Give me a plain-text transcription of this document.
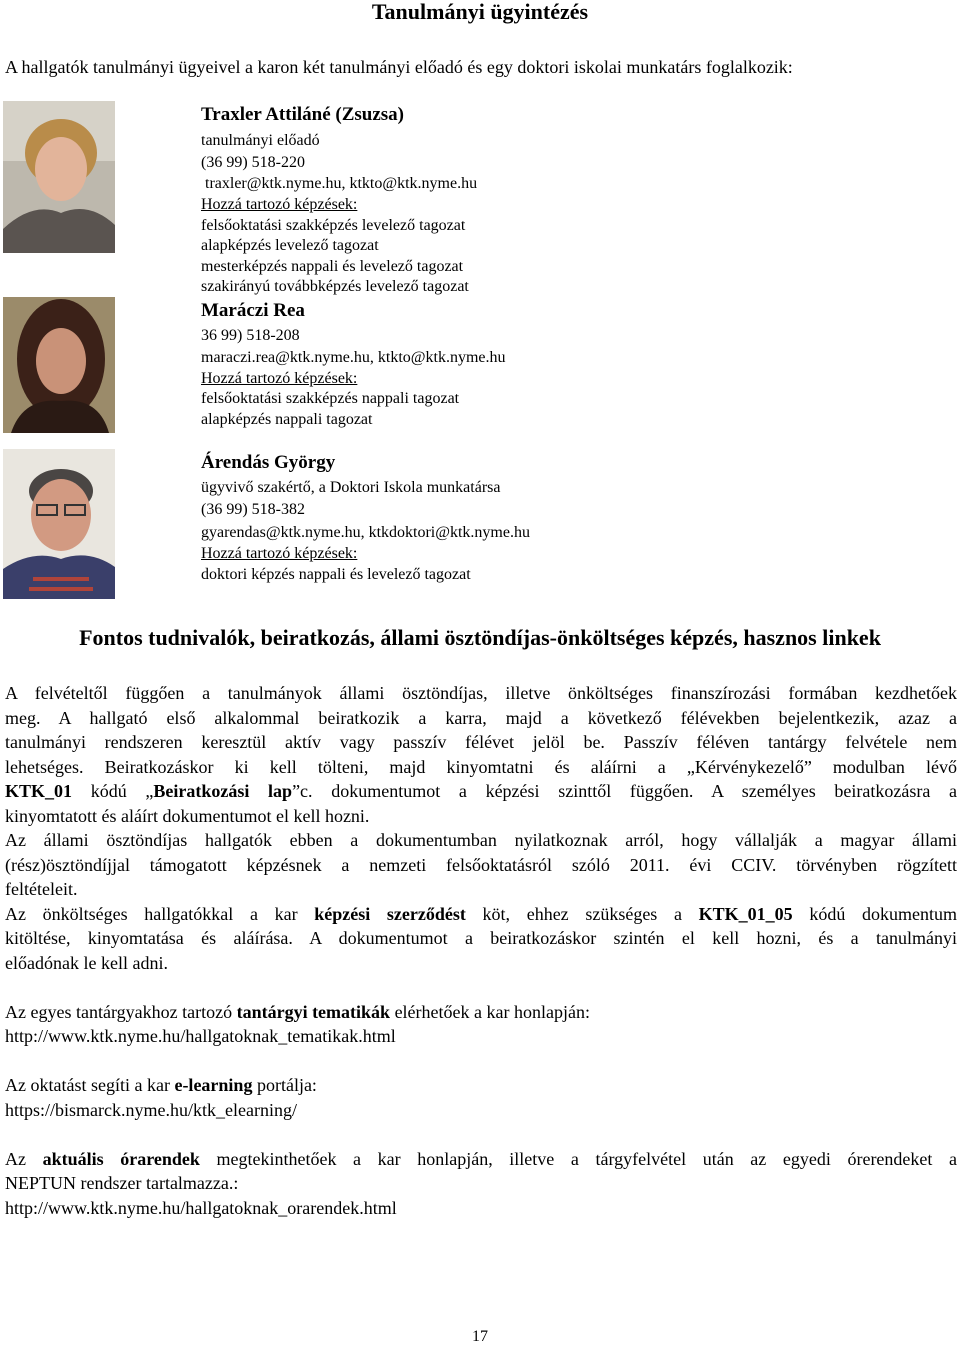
Tanulmányi ügyintézés
A hallgatók tanulmányi ügyeivel a karon két tanulmányi előadó és egy doktori iskolai munkatárs foglalkozik:
Traxler Attiláné (Zsuzsa)
tanulmányi előadó
(36 99) 518-220
traxler@ktk.nyme.hu, ktkto@ktk.nyme.hu
Hozzá tartozó képzések:
felsőoktatási szakképzés levelező tagozat
alapképzés levelező tagozat
mesterképzés nappali és levelező tagozat
szakirányú továbbképzés levelező tagozat
Maráczi Rea
36 99) 518-208
maraczi.rea@ktk.nyme.hu, ktkto@ktk.nyme.hu
Hozzá tartozó képzések:
felsőoktatási szakképzés nappali tagozat
alapképzés nappali tagozat
Árendás György
ügyvivő szakértő, a Doktori Iskola munkatársa
(36 99) 518-382
gyarendas@ktk.nyme.hu, ktkdoktori@ktk.nyme.hu
Hozzá tartozó képzések:
doktori képzés nappali és levelező tagozat
Fontos tudnivalók, beiratkozás, állami ösztöndíjas-önköltséges képzés, hasznos linkek
A felvételtől függően a tanulmányok állami ösztöndíjas, illetve önköltséges finanszírozási formában kezdhetőek
meg. A hallgató első alkalommal beiratkozik a karra, majd a következő félévekben bejelentkezik, azaz a
tanulmányi rendszeren keresztül aktív vagy passzív félévet jelöl be. Passzív féléven tantárgy felvétele nem
lehetséges. Beiratkozáskor ki kell tölteni, majd kinyomtatni és aláírni a „Kérvénykezelő” modulban lévő
KTK_01 kódú „Beiratkozási lap”c. dokumentumot a képzési szinttől függően. A személyes beiratkozásra a
kinyomtatott és aláírt dokumentumot el kell hozni.
Az állami ösztöndíjas hallgatók ebben a dokumentumban nyilatkoznak arról, hogy vállalják a magyar állami
(rész)ösztöndíjjal támogatott képzésnek a nemzeti felsőoktatásról szóló 2011. évi CCIV. törvényben rögzített
feltételeit.
Az önköltséges hallgatókkal a kar képzési szerződést köt, ehhez szükséges a KTK_01_05 kódú dokumentum
kitöltése, kinyomtatása és aláírása. A dokumentumot a beiratkozáskor szintén el kell hozni, és a tanulmányi
előadónak le kell adni.
Az egyes tantárgyakhoz tartozó tantárgyi tematikák elérhetőek a kar honlapján:
http://www.ktk.nyme.hu/hallgatoknak_tematikak.html
Az oktatást segíti a kar e-learning portálja:
https://bismarck.nyme.hu/ktk_elearning/
Az aktuális órarendek megtekinthetőek a kar honlapján, illetve a tárgyfelvétel után az egyedi órerendeket a
NEPTUN rendszer tartalmazza.:
http://www.ktk.nyme.hu/hallgatoknak_orarendek.html
17
